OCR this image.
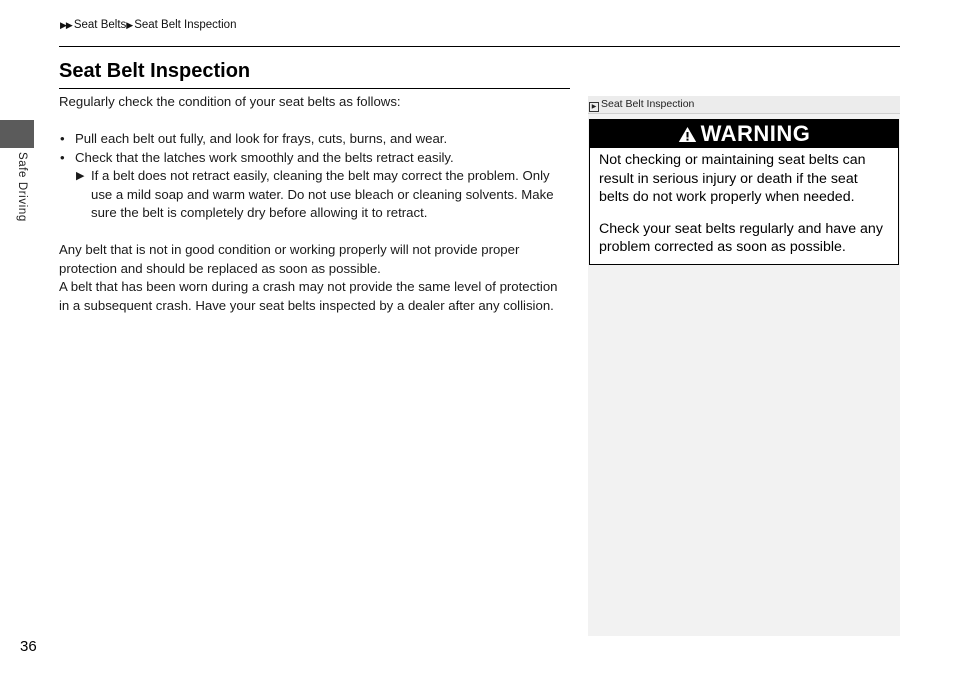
▶▶ Seat Belts▶ Seat Belt Inspection
Safe Driving
Seat Belt Inspection

Regularly check the condition of your seat belts as follows:

• Pull each belt out fully, and look for frays, cuts, burns, and wear.
• Check that the latches work smoothly and the belts retract easily.
▶ If a belt does not retract easily, cleaning the belt may correct the problem. Only use a mild soap and warm water. Do not use bleach or cleaning solvents. Make sure the belt is completely dry before allowing it to retract.

Any belt that is not in good condition or working properly will not provide proper protection and should be replaced as soon as possible.

A belt that has been worn during a crash may not provide the same level of protection in a subsequent crash. Have your seat belts inspected by a dealer after any collision.

▶ Seat Belt Inspection
WARNING

Not checking or maintaining seat belts can result in serious injury or death if the seat belts do not work properly when needed.

Check your seat belts regularly and have any problem corrected as soon as possible.

36
